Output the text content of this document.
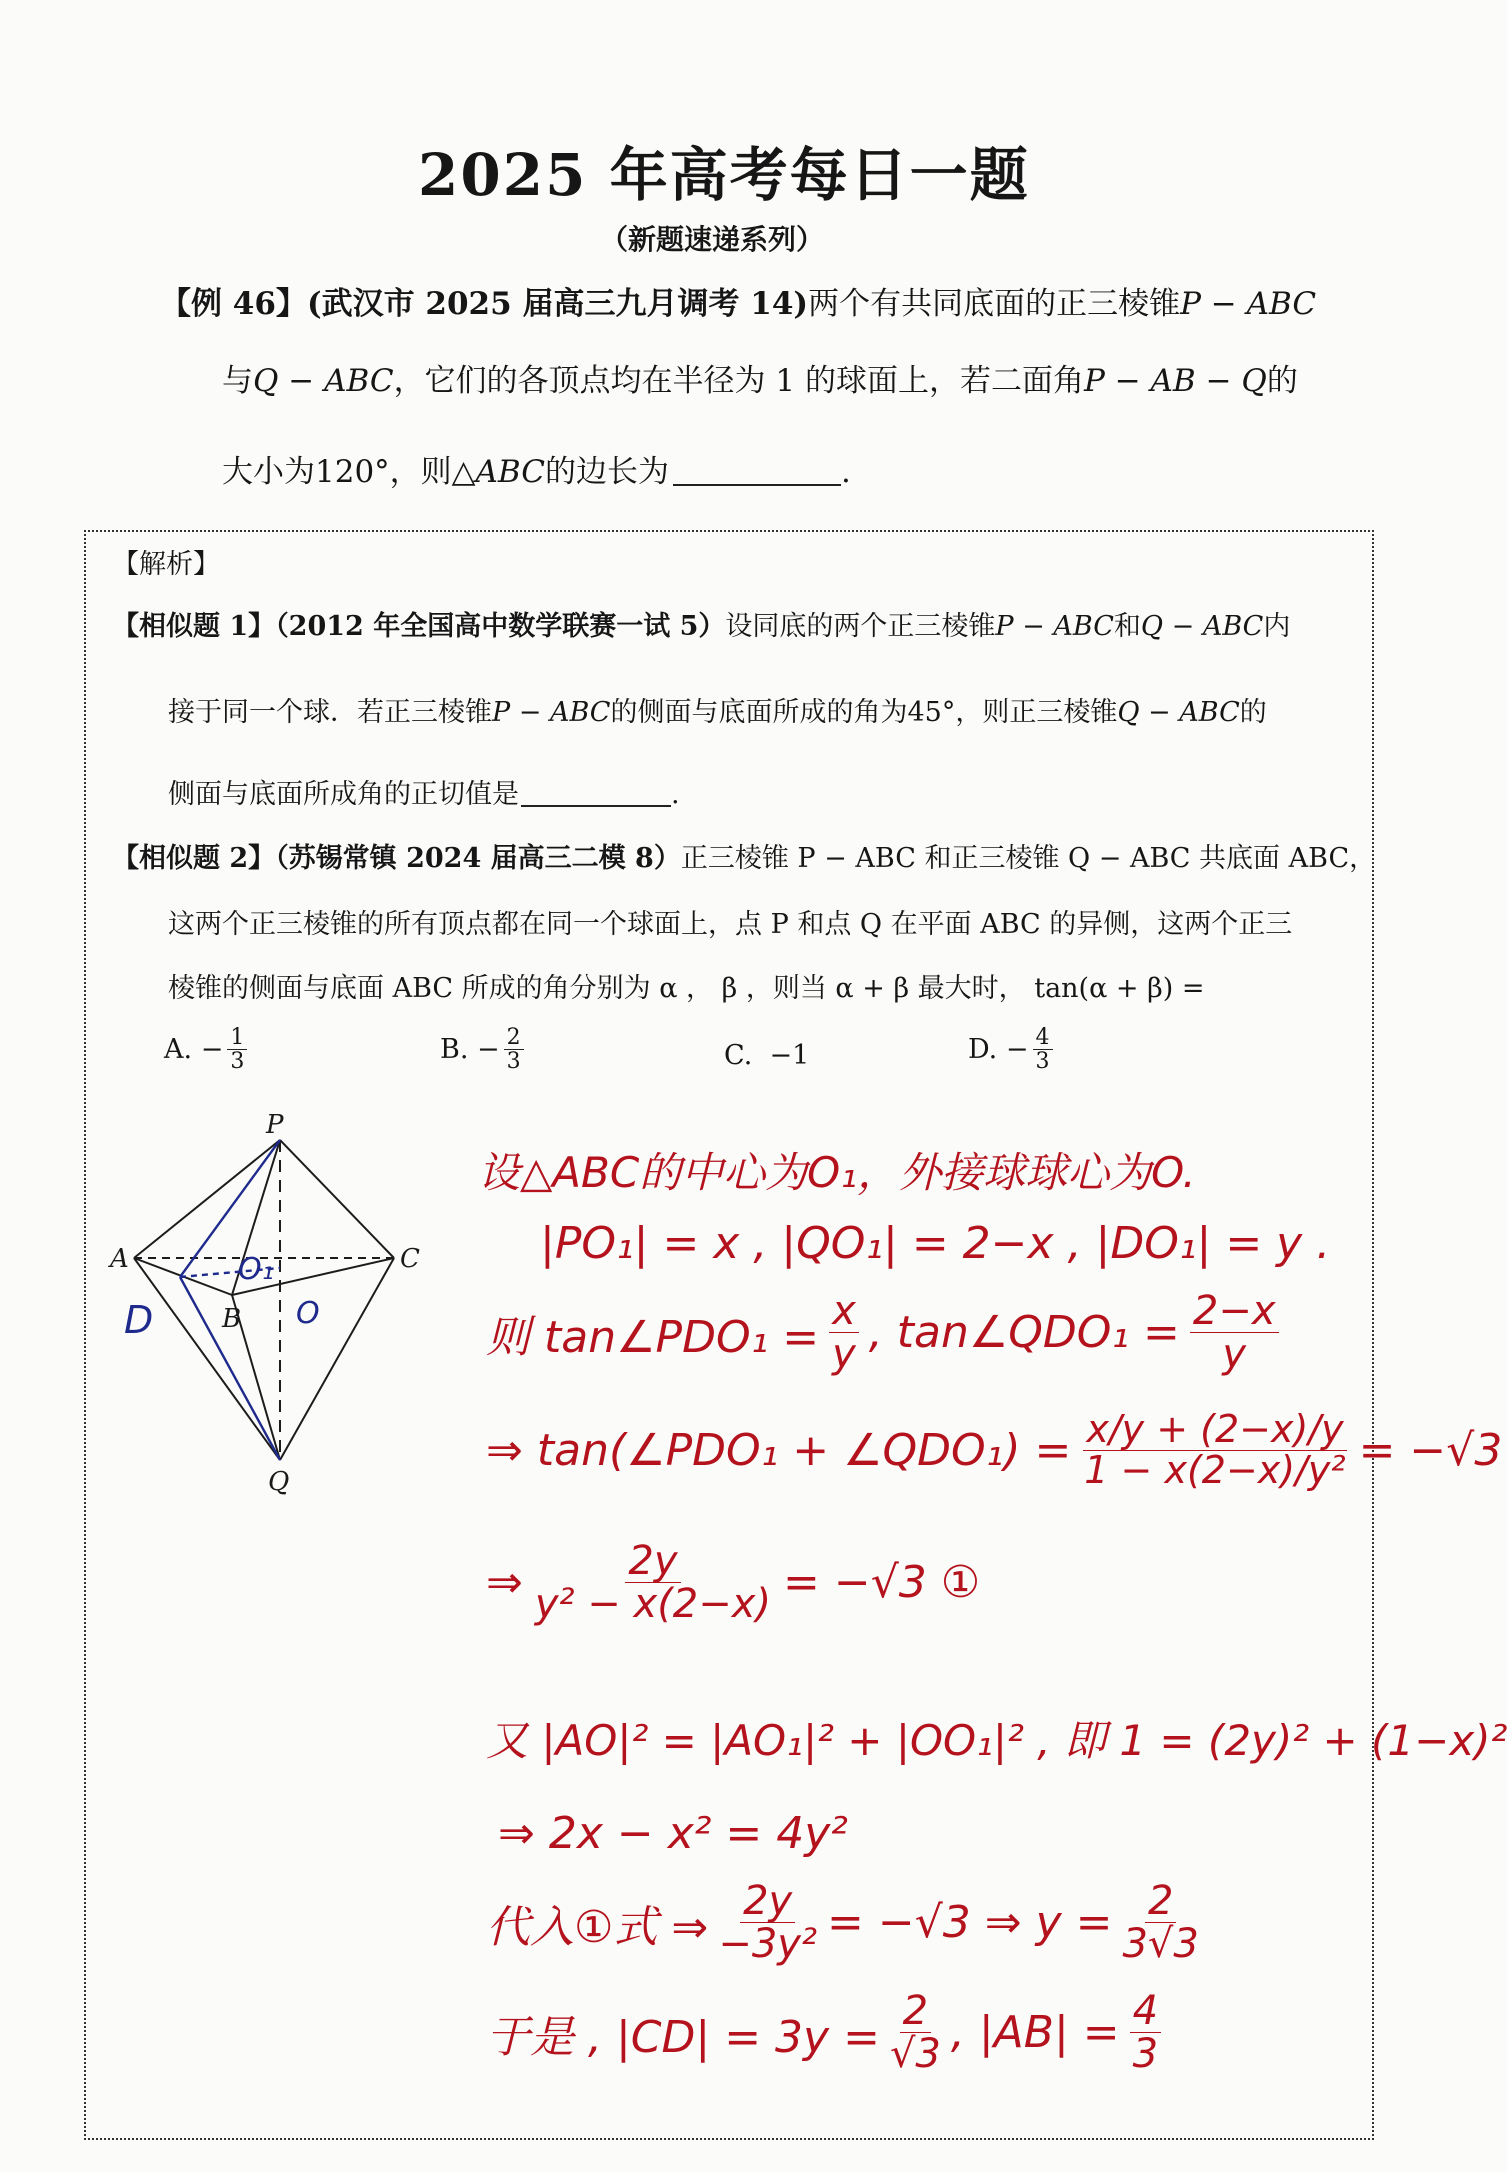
2025 年高考每日一题
（新题速递系列）
【例 46】(武汉市 2025 届高三九月调考 14)两个有共同底面的正三棱锥P − ABC
与Q − ABC，它们的各顶点均在半径为 1 的球面上，若二面角P − AB − Q的
大小为120°，则△ABC的边长为	.
【解析】
【相似题 1】（2012 年全国高中数学联赛一试 5）设同底的两个正三棱锥P − ABC和Q − ABC内
接于同一个球．若正三棱锥P − ABC的侧面与底面所成的角为45°，则正三棱锥Q − ABC的
侧面与底面所成角的正切值是	.
【相似题 2】（苏锡常镇 2024 届高三二模 8）正三棱锥 P − ABC 和正三棱锥 Q − ABC 共底面 ABC，
这两个正三棱锥的所有顶点都在同一个球面上，点 P 和点 Q 在平面 ABC 的异侧，这两个正三
棱锥的侧面与底面 ABC 所成的角分别为 α ， β ，则当 α + β 最大时， tan(α + β) =
A.
− $\frac{1}{3}$	B.
− $\frac{2}{3}$	C.
−1	D.
− $\frac{4}{3}$
P
A	C
B
Q
O₁
D	O
设△ABC的中心为O₁，外接球球心为O.
|PO₁| = x , |QO₁| = 2−x , |DO₁| = y .
则 tan∠PDO₁ = $\frac{x}{y}$ , tan∠QDO₁ = $\frac{2-x}{y}$
⇒ tan(∠PDO₁ + ∠QDO₁) = $\frac{x/y + (2-x)/y}{\text{1 − x(2−x)/y²}} = -√3$
⇒ $\frac{2y}{\text{y² − x(2−x)}} = -√3$ ①
又 |AO|² = |AO₁|² + |OO₁|² , 即 1 = (2y)² + (1−x)²
⇒ 2x − x² = 4y²
代入①式 ⇒ $\frac{2y}{\text{−3y²}} = -√3$ ⇒ $y = \frac{2}{3√3}$
于是 , $|CD| = 3y = \frac{2}{√3}$ , $|AB| = \frac{4}{3}$
